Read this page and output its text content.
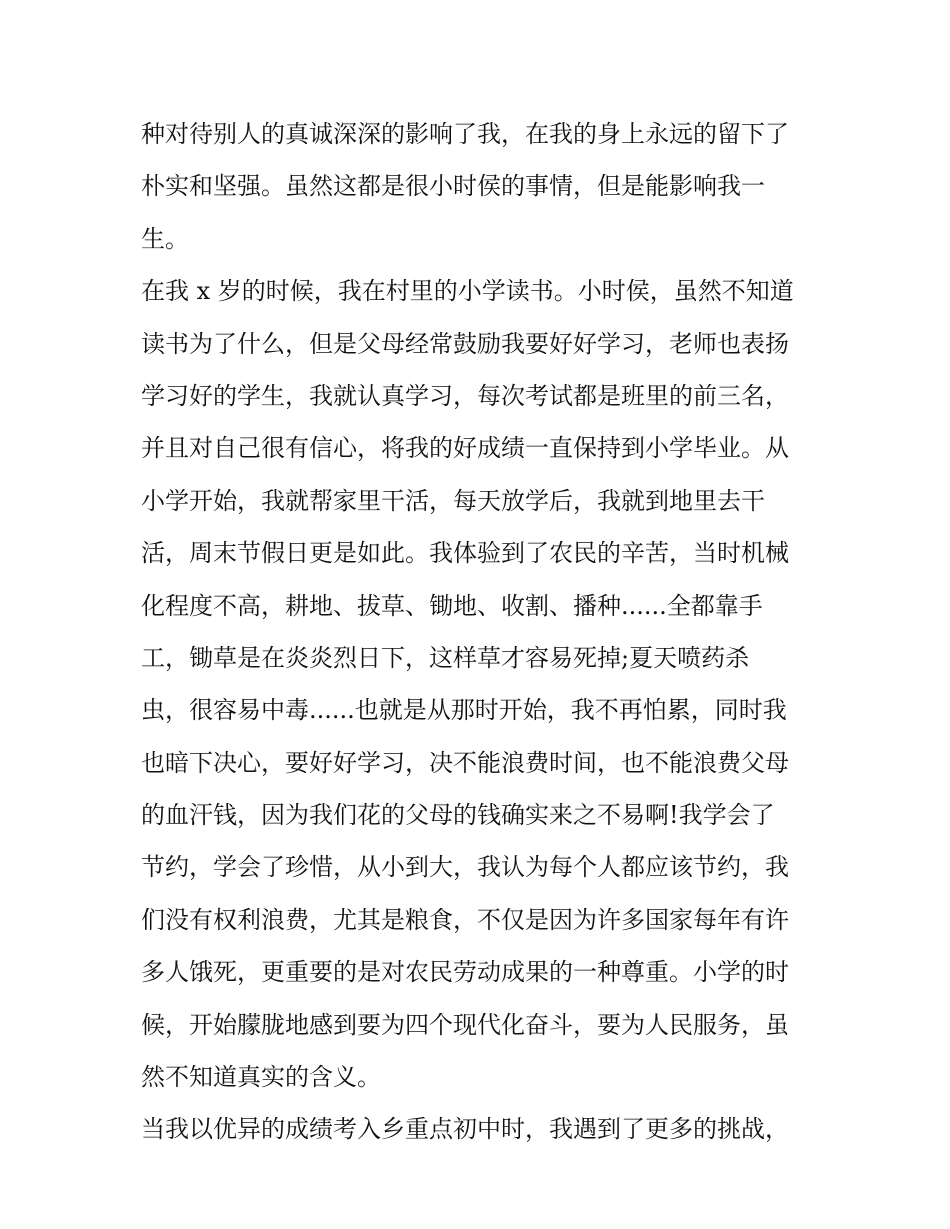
种对待别人的真诚深深的影响了我，在我的身上永远的留下了
朴实和坚强。虽然这都是很小时侯的事情，但是能影响我一
生。
在我 x 岁的时候，我在村里的小学读书。小时侯，虽然不知道
读书为了什么，但是父母经常鼓励我要好好学习，老师也表扬
学习好的学生，我就认真学习，每次考试都是班里的前三名，
并且对自己很有信心，将我的好成绩一直保持到小学毕业。从
小学开始，我就帮家里干活，每天放学后，我就到地里去干
活，周末节假日更是如此。我体验到了农民的辛苦，当时机械
化程度不高，耕地、拔草、锄地、收割、播种......全都靠手
工，锄草是在炎炎烈日下，这样草才容易死掉;夏天喷药杀
虫，很容易中毒......也就是从那时开始，我不再怕累，同时我
也暗下决心，要好好学习，决不能浪费时间，也不能浪费父母
的血汗钱，因为我们花的父母的钱确实来之不易啊!我学会了
节约，学会了珍惜，从小到大，我认为每个人都应该节约，我
们没有权利浪费，尤其是粮食，不仅是因为许多国家每年有许
多人饿死，更重要的是对农民劳动成果的一种尊重。小学的时
候，开始朦胧地感到要为四个现代化奋斗，要为人民服务，虽
然不知道真实的含义。
当我以优异的成绩考入乡重点初中时，我遇到了更多的挑战，
